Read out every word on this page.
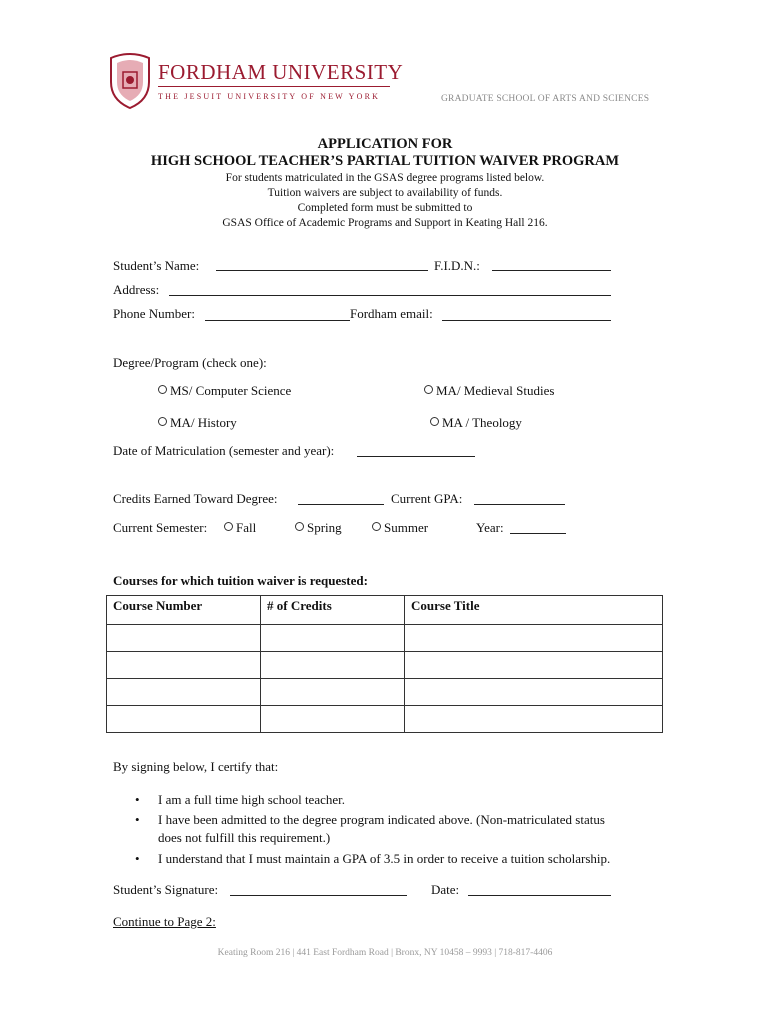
FORDHAM UNIVERSITY
THE JESUIT UNIVERSITY OF NEW YORK	GRADUATE SCHOOL OF ARTS AND SCIENCES
APPLICATION FOR
HIGH SCHOOL TEACHER’S PARTIAL TUITION WAIVER PROGRAM
For students matriculated in the GSAS degree programs listed below.
Tuition waivers are subject to availability of funds.
Completed form must be submitted to
GSAS Office of Academic Programs and Support in Keating Hall 216.
Student’s Name:	F.I.D.N.:
Address:
Phone Number:	Fordham email:
Degree/Program (check one):
MS/ Computer Science	MA/ Medieval Studies
MA/ History	MA / Theology
Date of Matriculation (semester and year):
Credits Earned Toward Degree:	Current GPA:
Current Semester:	Fall	Spring	Summer	Year:
Courses for which tuition waiver is requested:
Course Number	# of Credits	Course Title

By signing below, I certify that:
• I am a full time high school teacher.
• I have been admitted to the degree program indicated above. (Non-matriculated status
does not fulfill this requirement.)
• I understand that I must maintain a GPA of 3.5 in order to receive a tuition scholarship.
Student’s Signature:	Date:
Continue to Page 2:
Keating Room 216 | 441 East Fordham Road | Bronx, NY 10458 – 9993 | 718-817-4406
